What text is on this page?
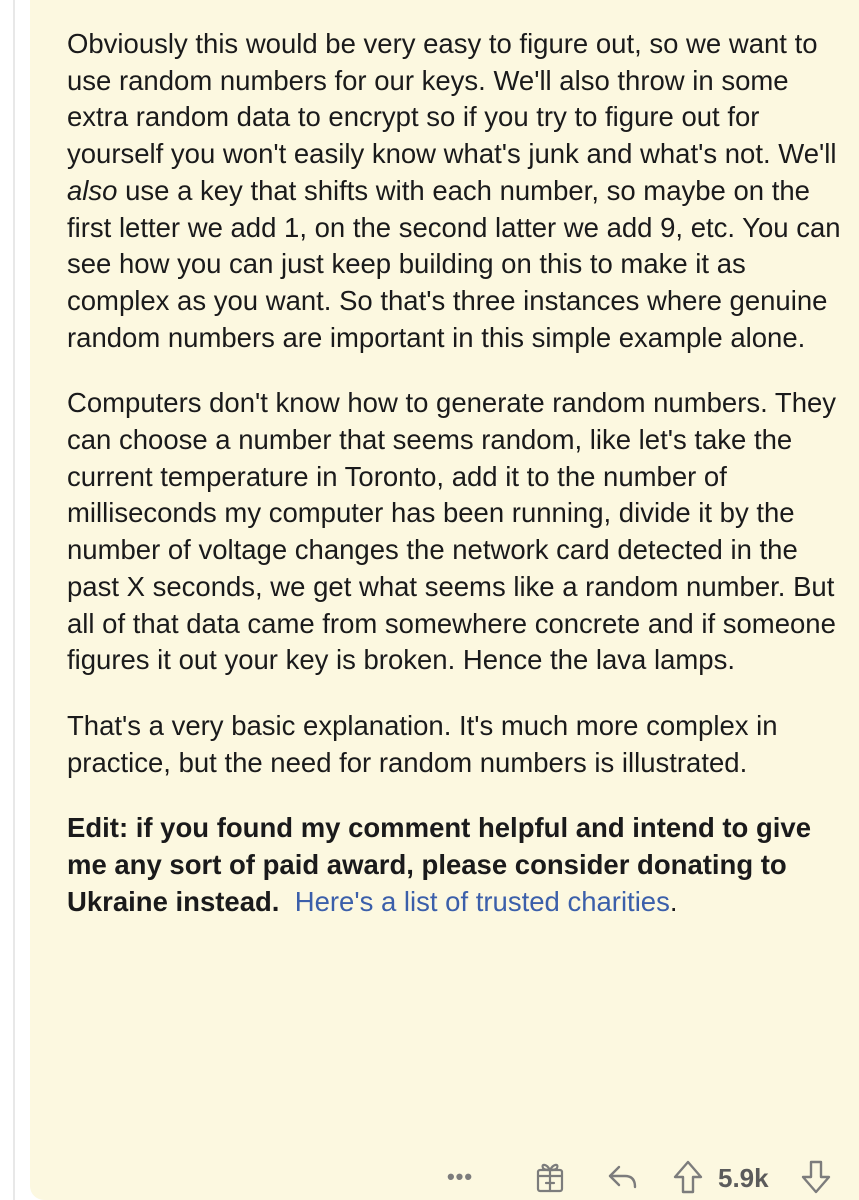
Obviously this would be very easy to figure out, so we want to use random numbers for our keys. We'll also throw in some extra random data to encrypt so if you try to figure out for yourself you won't easily know what's junk and what's not. We'll also use a key that shifts with each number, so maybe on the first letter we add 1, on the second latter we add 9, etc. You can see how you can just keep building on this to make it as complex as you want. So that's three instances where genuine random numbers are important in this simple example alone.

Computers don't know how to generate random numbers. They can choose a number that seems random, like let's take the current temperature in Toronto, add it to the number of milliseconds my computer has been running, divide it by the number of voltage changes the network card detected in the past X seconds, we get what seems like a random number. But all of that data came from somewhere concrete and if someone figures it out your key is broken. Hence the lava lamps.

That's a very basic explanation. It's much more complex in practice, but the need for random numbers is illustrated.

Edit: if you found my comment helpful and intend to give me any sort of paid award, please consider donating to Ukraine instead. Here's a list of trusted charities.

•••	5.9k
